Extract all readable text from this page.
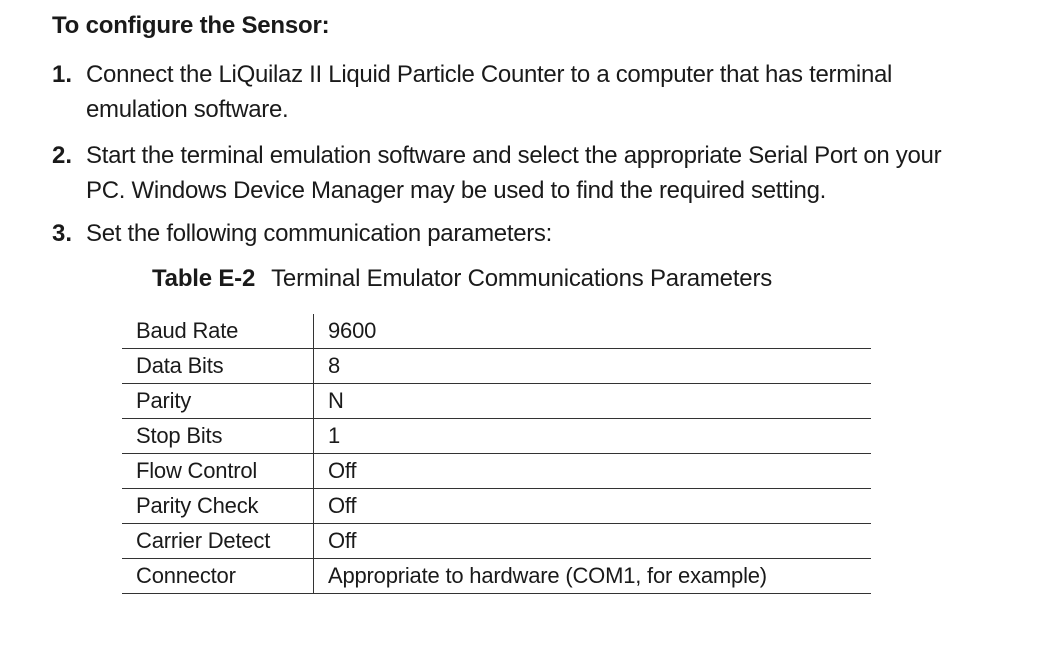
To configure the Sensor:
1. Connect the LiQuilaz II Liquid Particle Counter to a computer that has terminal
emulation software.
2. Start the terminal emulation software and select the appropriate Serial Port on your
PC. Windows Device Manager may be used to find the required setting.
3. Set the following communication parameters:
Table E-2 Terminal Emulator Communications Parameters
Baud Rate	9600
Data Bits	8
Parity	N
Stop Bits	1
Flow Control	Off
Parity Check	Off
Carrier Detect	Off
Connector	Appropriate to hardware (COM1, for example)
